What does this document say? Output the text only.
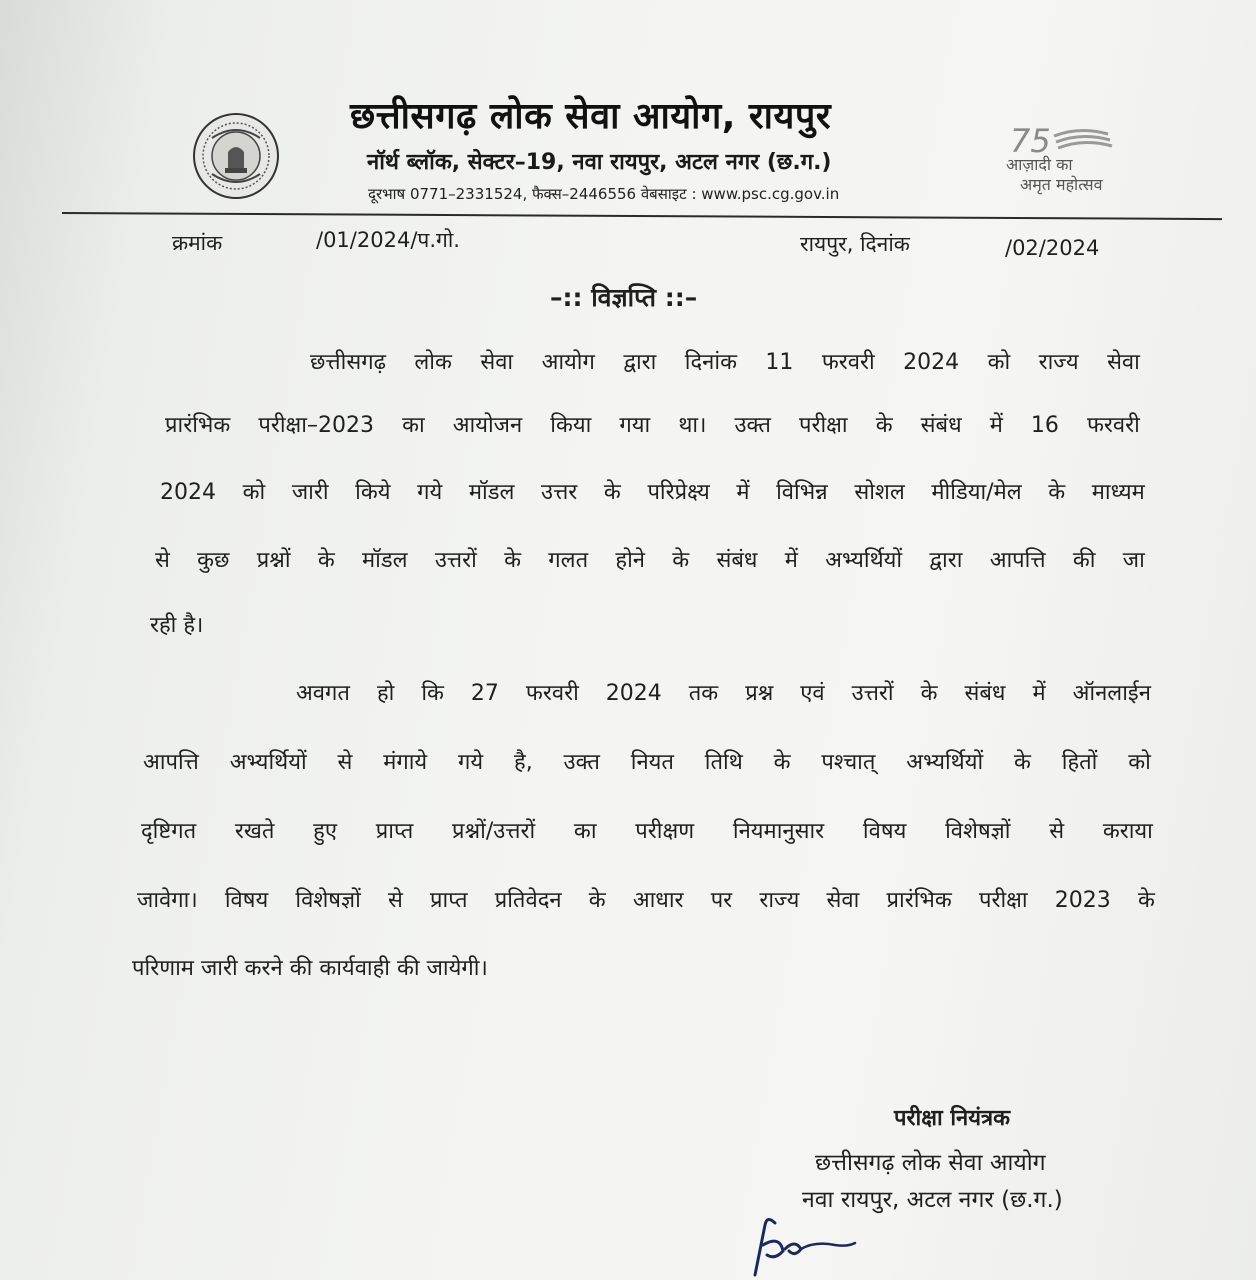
छत्तीसगढ़ लोक सेवा आयोग, रायपुर
नॉर्थ ब्लॉक, सेक्टर–19, नवा रायपुर, अटल नगर (छ.ग.)
दूरभाष 0771–2331524, फैक्स–2446556 वेबसाइट : www.psc.cg.gov.in
75
आज़ादी का
अमृत महोत्सव
क्रमांक	/01/2024/प.गो.	रायपुर, दिनांक	/02/2024
–:: विज्ञप्ति ::–
छत्तीसगढ़ लोक सेवा आयोग द्वारा दिनांक 11 फरवरी 2024 को राज्य सेवा
प्रारंभिक परीक्षा–2023 का आयोजन किया गया था। उक्त परीक्षा के संबंध में 16 फरवरी
2024 को जारी किये गये मॉडल उत्तर के परिप्रेक्ष्य में विभिन्न सोशल मीडिया/मेल के माध्यम
से कुछ प्रश्नों के मॉडल उत्तरों के गलत होने के संबंध में अभ्यर्थियों द्वारा आपत्ति की जा
रही है।
अवगत हो कि 27 फरवरी 2024 तक प्रश्न एवं उत्तरों के संबंध में ऑनलाईन
आपत्ति अभ्यर्थियों से मंगाये गये है, उक्त नियत तिथि के पश्चात् अभ्यर्थियों के हितों को
दृष्टिगत रखते हुए प्राप्त प्रश्नों/उत्तरों का परीक्षण नियमानुसार विषय विशेषज्ञों से कराया
जावेगा। विषय विशेषज्ञों से प्राप्त प्रतिवेदन के आधार पर राज्य सेवा प्रारंभिक परीक्षा 2023 के
परिणाम जारी करने की कार्यवाही की जायेगी।
परीक्षा नियंत्रक
छत्तीसगढ़ लोक सेवा आयोग
नवा रायपुर, अटल नगर (छ.ग.)
